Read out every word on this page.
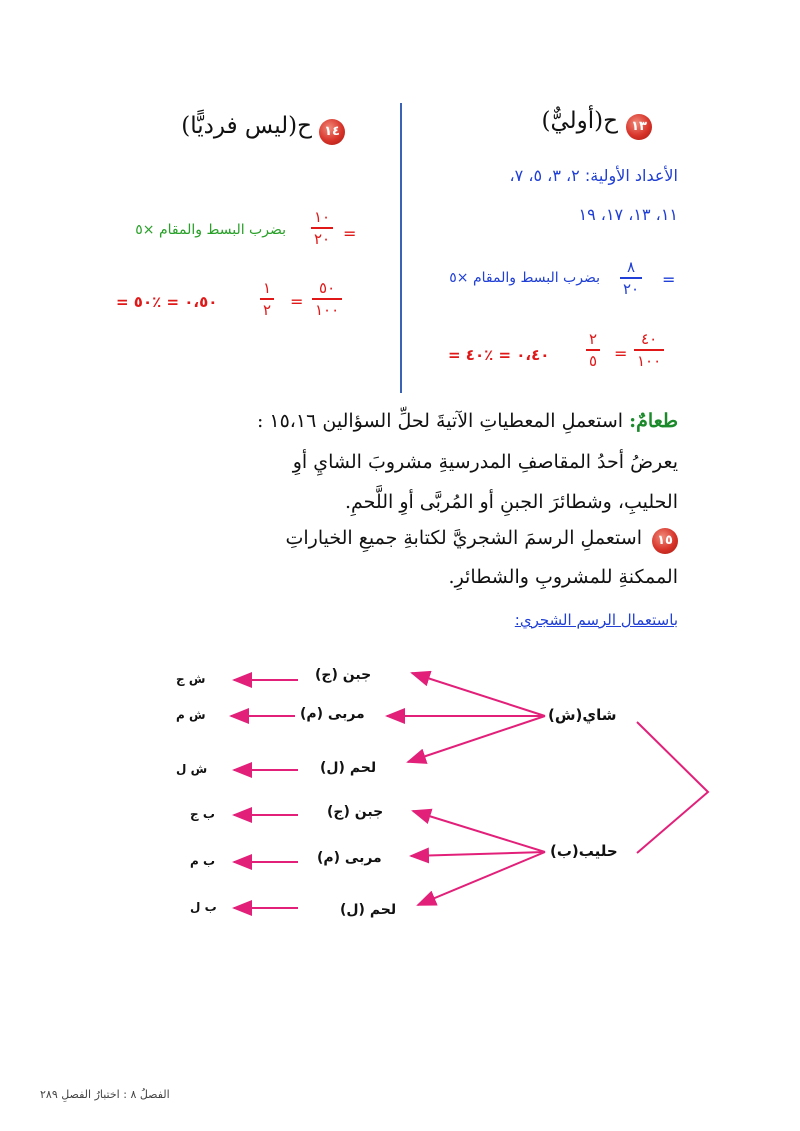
١٣
ح(أوليٌّ)
الأعداد الأولية: ٢، ٣، ٥، ٧،
١١، ١٣، ١٧، ١٩
=
٨
٢٠
بضرب البسط والمقام ×٥
٠،٤٠ = ٪٤٠ =
٢
٥ =
٤٠
١٠٠
١٤
ح(ليس فرديًّا)
=
١٠
٢٠
بضرب البسط والمقام ×٥
٠،٥٠ = ٪٥٠ =
١
٢ =
٥٠
١٠٠
طعامٌ: استعملِ المعطياتِ الآتيةَ لحلِّ السؤالين ١٥،١٦ :
يعرضُ أحدُ المقاصفِ المدرسيةِ مشروبَ الشايِ أوِ
الحليبِ، وشطائرَ الجبنِ أو المُربَّى أوِ اللَّحمِ.
١٥
استعملِ الرسمَ الشجريَّ لكتابةِ جميعِ الخياراتِ
الممكنةِ للمشروبِ والشطائرِ.
باستعمال الرسم الشجري:
شاي(ش)
حليب(ب)
جبن (ج)
مربى (م)
لحم (ل)
جبن (ج)
مربى (م)
لحم (ل)
ش ج
ش م
ش ل
ب ج
ب م
ب ل
الفصلُ ٨ : اختبارُ الفصلِ ٢٨٩
